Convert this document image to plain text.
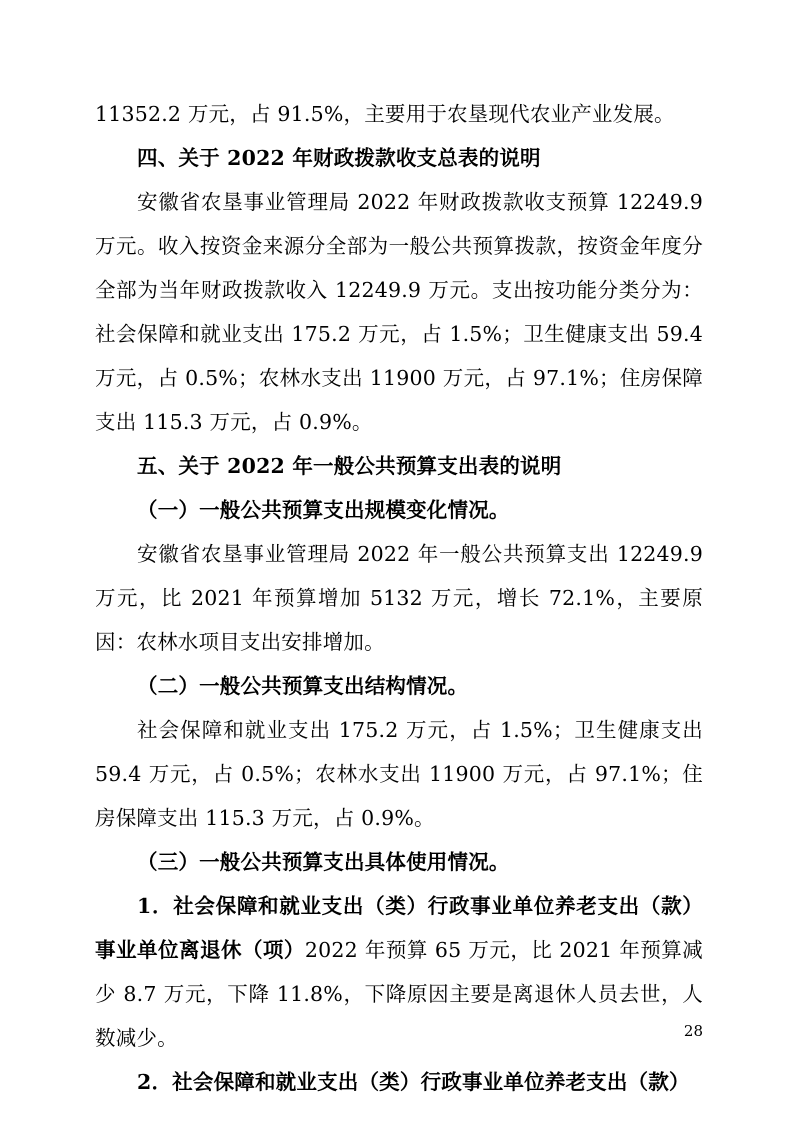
11352.2 万元，占 91.5%，主要用于农垦现代农业产业发展。

四、关于 2022 年财政拨款收支总表的说明

安徽省农垦事业管理局 2022 年财政拨款收支预算 12249.9 万元。收入按资金来源分全部为一般公共预算拨款，按资金年度分全部为当年财政拨款收入 12249.9 万元。支出按功能分类分为：社会保障和就业支出 175.2 万元，占 1.5%；卫生健康支出 59.4 万元，占 0.5%；农林水支出 11900 万元，占 97.1%；住房保障支出 115.3 万元，占 0.9%。

五、关于 2022 年一般公共预算支出表的说明

（一）一般公共预算支出规模变化情况。

安徽省农垦事业管理局 2022 年一般公共预算支出 12249.9 万元，比 2021 年预算增加 5132 万元，增长 72.1%，主要原因：农林水项目支出安排增加。

（二）一般公共预算支出结构情况。

社会保障和就业支出 175.2 万元，占 1.5%；卫生健康支出 59.4 万元，占 0.5%；农林水支出 11900 万元，占 97.1%；住房保障支出 115.3 万元，占 0.9%。

（三）一般公共预算支出具体使用情况。

1．社会保障和就业支出（类）行政事业单位养老支出（款）事业单位离退休（项）2022 年预算 65 万元，比 2021 年预算减少 8.7 万元，下降 11.8%，下降原因主要是离退休人员去世，人数减少。

2．社会保障和就业支出（类）行政事业单位养老支出（款）

28
